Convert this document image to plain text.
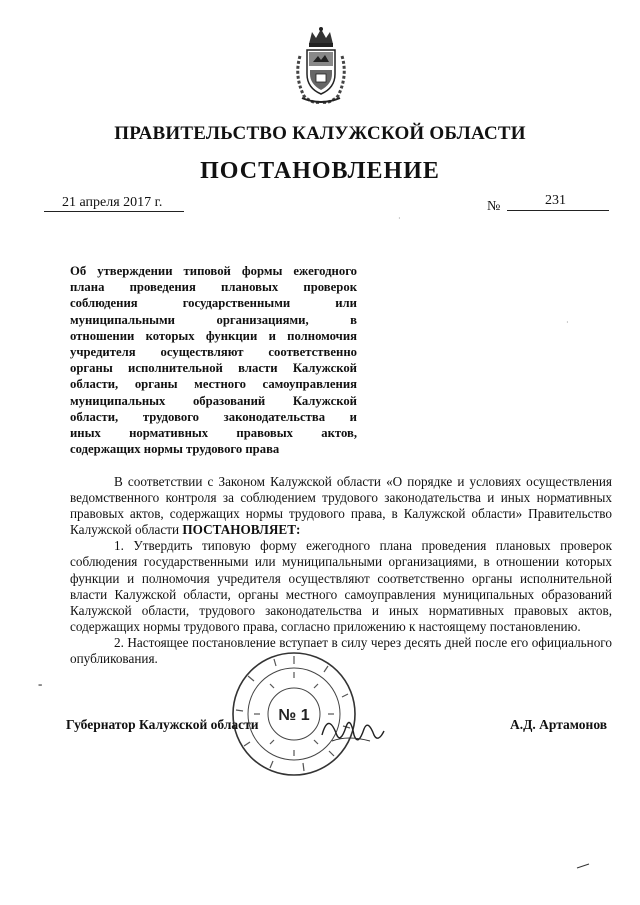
ПРАВИТЕЛЬСТВО КАЛУЖСКОЙ ОБЛАСТИ
ПОСТАНОВЛЕНИЕ
21 апреля 2017 г.	№	231
·
·
Об утверждении типовой формы ежегодного
плана проведения плановых проверок
соблюдения государственными или
муниципальными организациями, в
отношении которых функции и полномочия
учредителя осуществляют соответственно
органы исполнительной власти Калужской
области, органы местного самоуправления
муниципальных образований Калужской
области, трудового законодательства и
иных нормативных правовых актов,
содержащих нормы трудового права

В соответствии с Законом Калужской области «О порядке и условиях осуществления ведомственного контроля за соблюдением трудового законодательства и иных нормативных правовых актов, содержащих нормы трудового права, в Калужской области» Правительство Калужской области ПОСТАНОВЛЯЕТ:

1. Утвердить типовую форму ежегодного плана проведения плановых проверок соблюдения государственными или муниципальными организациями, в отношении которых функции и полномочия учредителя осуществляют соответственно органы исполнительной власти Калужской области, органы местного самоуправления муниципальных образований Калужской области, трудового законодательства и иных нормативных правовых актов, содержащих нормы трудового права, согласно приложению к настоящему постановлению.

2. Настоящее постановление вступает в силу через десять дней после его официального опубликования.

-
№ 1
Губернатор Калужской области	А.Д. Артамонов
